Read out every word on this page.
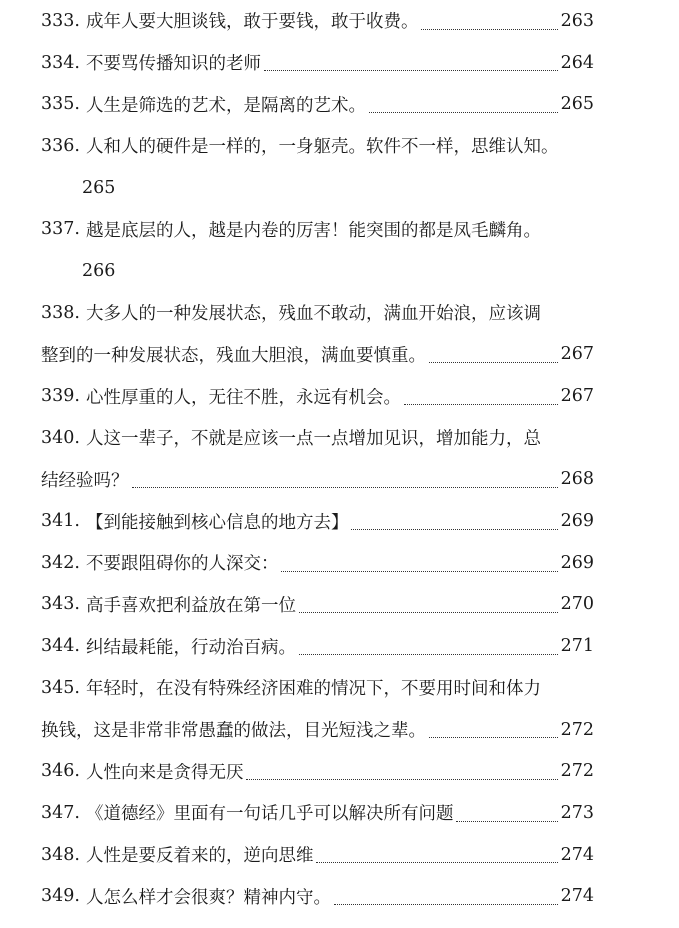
333. 成年人要大胆谈钱，敢于要钱，敢于收费。	263
334. 不要骂传播知识的老师	264
335. 人生是筛选的艺术，是隔离的艺术。	265
336. 人和人的硬件是一样的，一身躯壳。软件不一样，思维认知。
265
337. 越是底层的人，越是内卷的厉害！能突围的都是凤毛麟角。
266
338. 大多人的一种发展状态，残血不敢动，满血开始浪，应该调
整到的一种发展状态，残血大胆浪，满血要慎重。	267
339. 心性厚重的人，无往不胜，永远有机会。	267
340. 人这一辈子，不就是应该一点一点增加见识，增加能力，总
结经验吗？	268
341. 【到能接触到核心信息的地方去】	269
342. 不要跟阻碍你的人深交：	269
343. 高手喜欢把利益放在第一位	270
344. 纠结最耗能，行动治百病。	271
345. 年轻时，在没有特殊经济困难的情况下，不要用时间和体力
换钱，这是非常非常愚蠢的做法，目光短浅之辈。	272
346. 人性向来是贪得无厌	272
347. 《道德经》里面有一句话几乎可以解决所有问题	273
348. 人性是要反着来的，逆向思维	274
349. 人怎么样才会很爽？精神内守。	274
